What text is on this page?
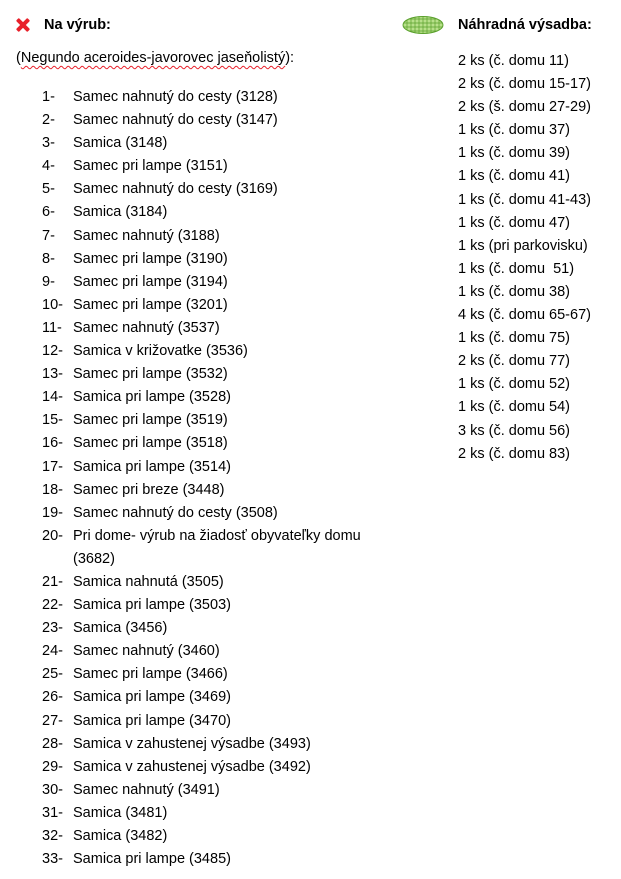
Na výrub:
(Negundo aceroides-javorovec jaseňolistý):
1-	Samec nahnutý do cesty (3128)
2-	Samec nahnutý do cesty (3147)
3-	Samica (3148)
4-	Samec pri lampe (3151)
5-	Samec nahnutý do cesty (3169)
6-	Samica (3184)
7-	Samec nahnutý (3188)
8-	Samec pri lampe (3190)
9-	Samec pri lampe (3194)
10- Samec pri lampe (3201)
11- Samec nahnutý (3537)
12- Samica v križovatke (3536)
13- Samec pri lampe (3532)
14- Samica pri lampe (3528)
15- Samec pri lampe (3519)
16- Samec pri lampe (3518)
17- Samica pri lampe (3514)
18- Samec pri breze (3448)
19- Samec nahnutý do cesty (3508)
20- Pri dome- výrub na žiadosť obyvateľky domu (3682)
21- Samica nahnutá (3505)
22- Samica pri lampe (3503)
23- Samica (3456)
24- Samec nahnutý (3460)
25- Samec pri lampe (3466)
26- Samica pri lampe (3469)
27- Samica pri lampe (3470)
28- Samica v zahustenej výsadbe (3493)
29- Samica v zahustenej výsadbe (3492)
30- Samec nahnutý (3491)
31- Samica (3481)
32- Samica (3482)
33- Samica pri lampe (3485)
Náhradná výsadba:
2 ks (č. domu 11)
2 ks (č. domu 15-17)
2 ks (š. domu 27-29)
1 ks (č. domu 37)
1 ks (č. domu 39)
1 ks (č. domu 41)
1 ks (č. domu 41-43)
1 ks (č. domu 47)
1 ks (pri parkovisku)
1 ks (č. domu  51)
1 ks (č. domu 38)
4 ks (č. domu 65-67)
1 ks (č. domu 75)
2 ks (č. domu 77)
1 ks (č. domu 52)
1 ks (č. domu 54)
3 ks (č. domu 56)
2 ks (č. domu 83)
